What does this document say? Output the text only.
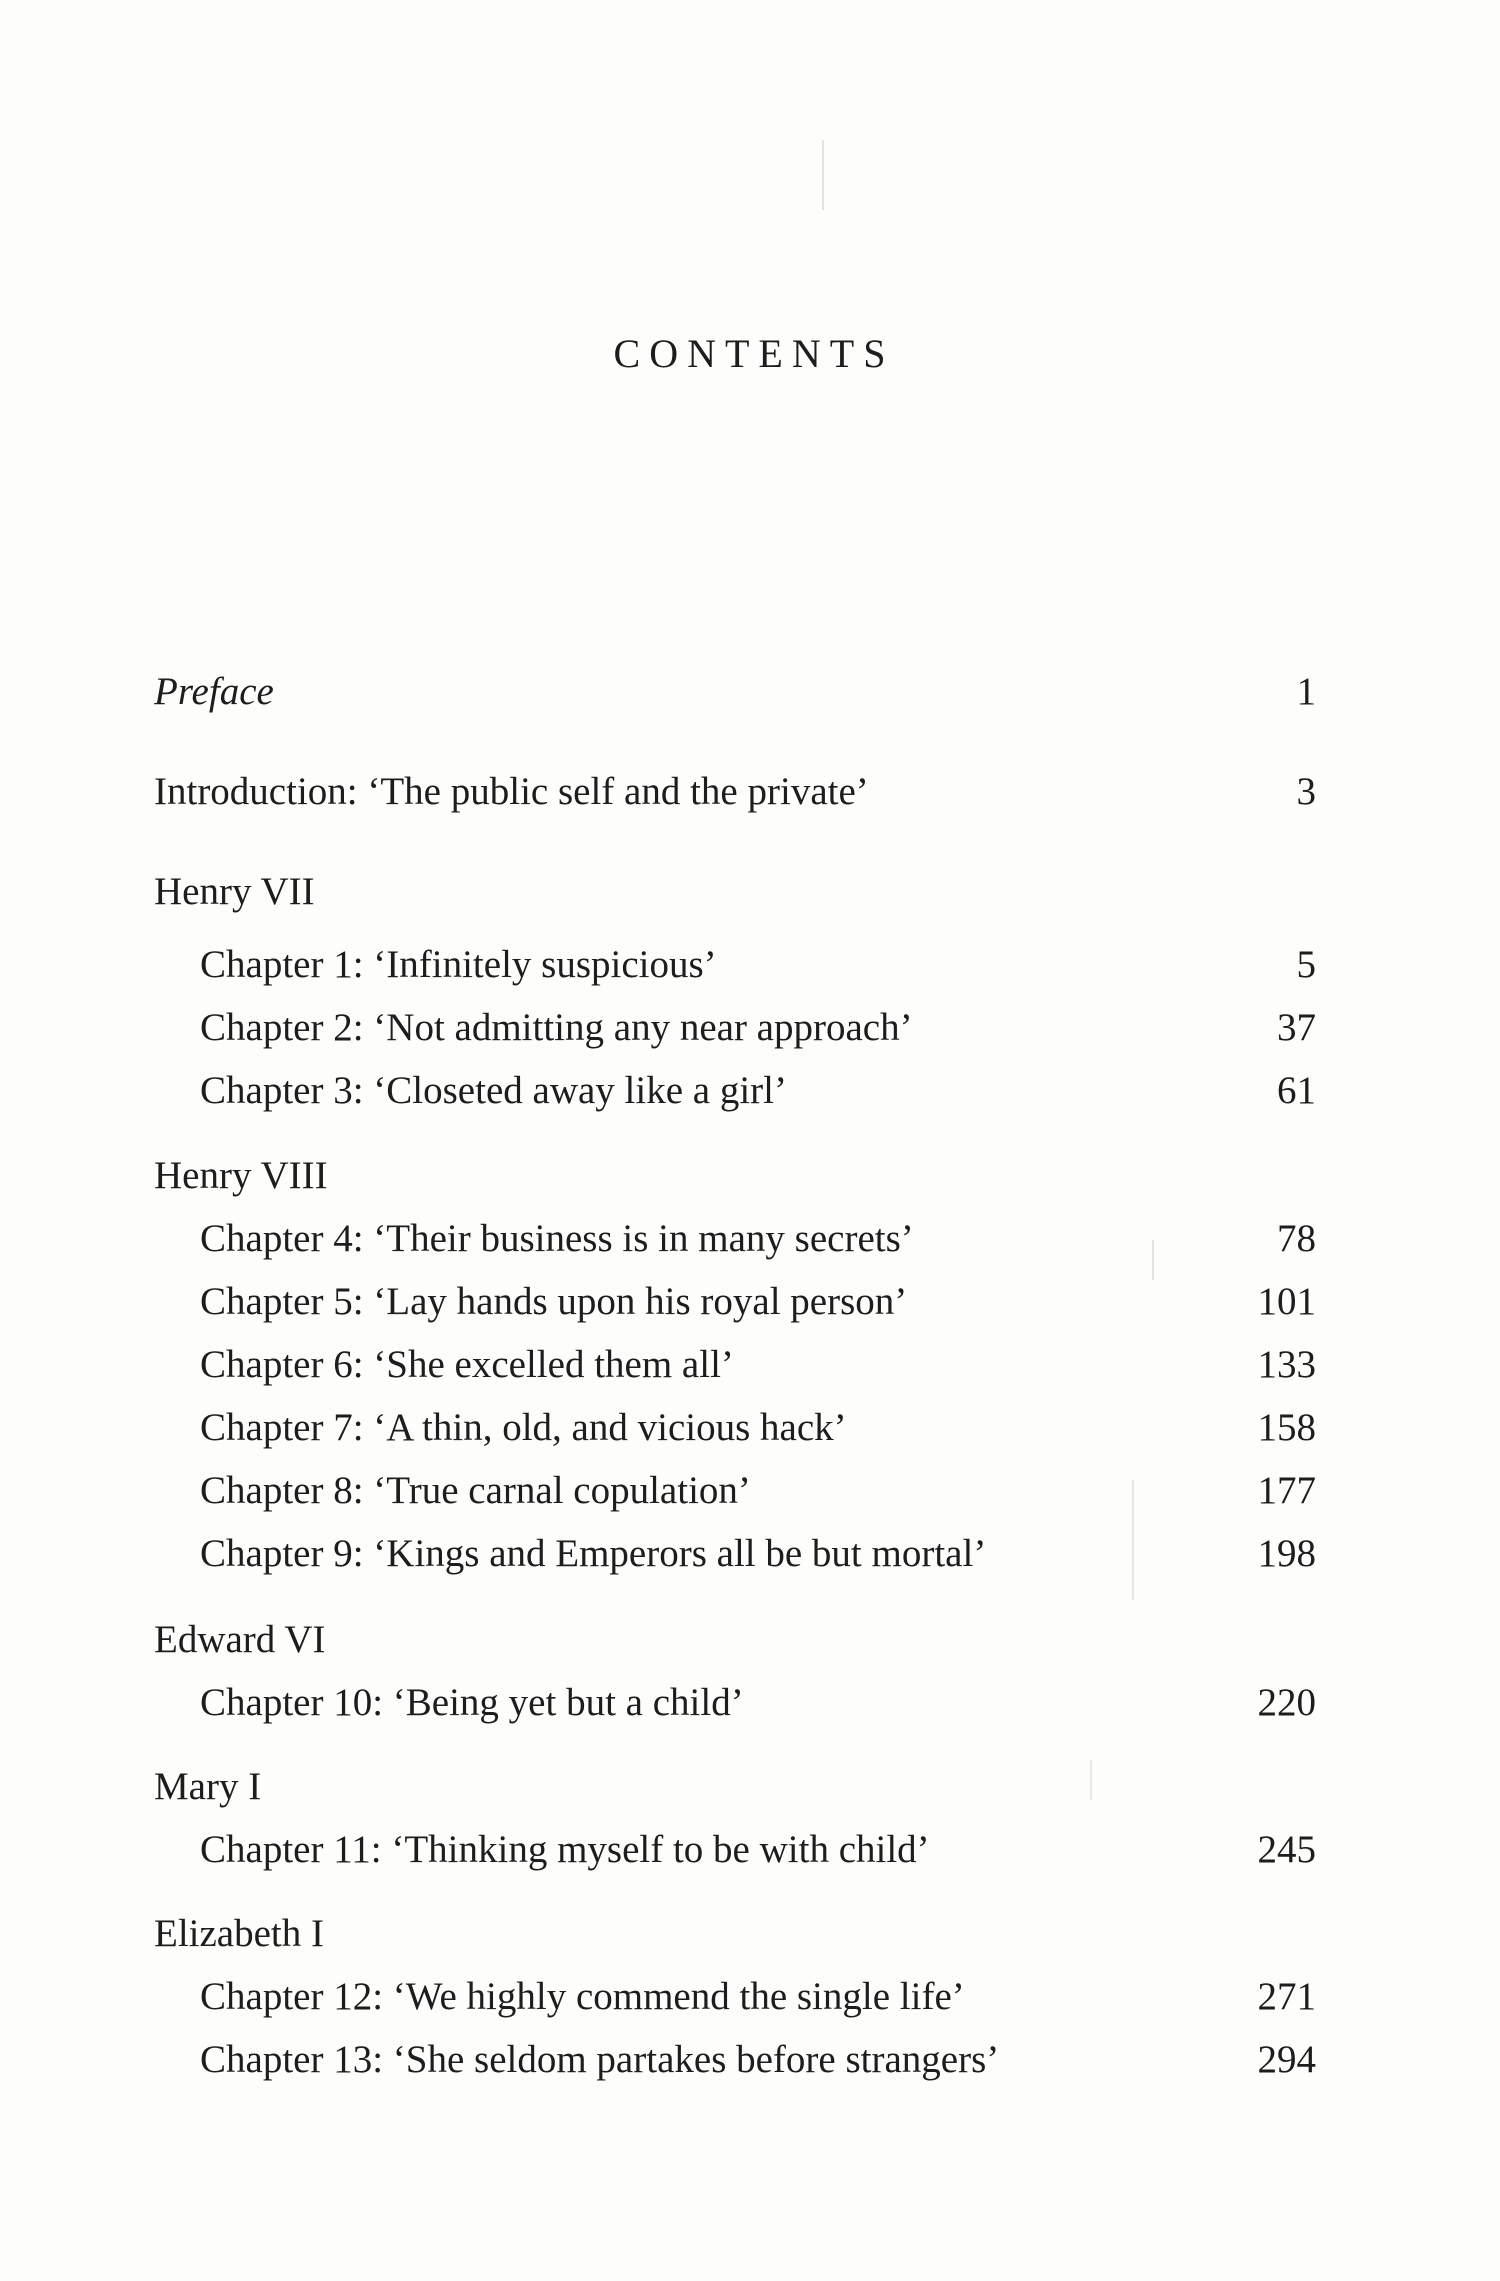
CONTENTS
Preface	1
Introduction: ‘The public self and the private’	3
Henry VII
Chapter 1: ‘Infinitely suspicious’	5
Chapter 2: ‘Not admitting any near approach’	37
Chapter 3: ‘Closeted away like a girl’	61
Henry VIII
Chapter 4: ‘Their business is in many secrets’	78
Chapter 5: ‘Lay hands upon his royal person’	101
Chapter 6: ‘She excelled them all’	133
Chapter 7: ‘A thin, old, and vicious hack’	158
Chapter 8: ‘True carnal copulation’	177
Chapter 9: ‘Kings and Emperors all be but mortal’	198
Edward VI
Chapter 10: ‘Being yet but a child’	220
Mary I
Chapter 11: ‘Thinking myself to be with child’	245
Elizabeth I
Chapter 12: ‘We highly commend the single life’	271
Chapter 13: ‘She seldom partakes before strangers’	294
